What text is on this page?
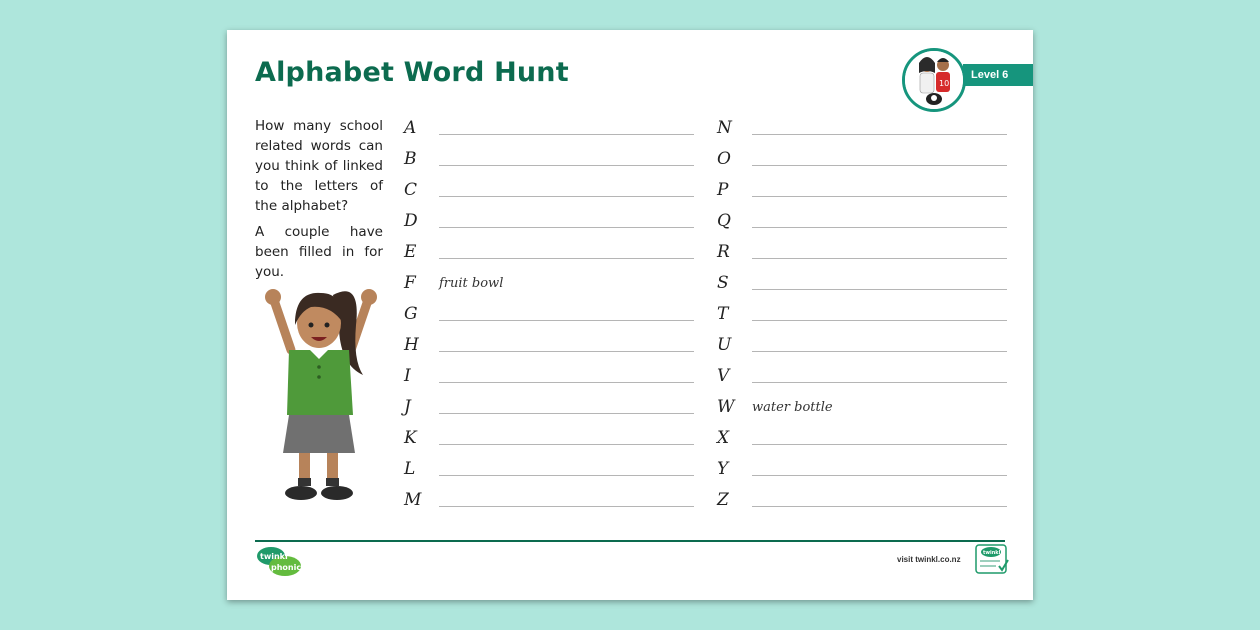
Alphabet Word Hunt	10
Level 6

How many school related words can you think of linked to the letters of the alphabet?

A couple have been filled in for you.

A
B
C
D
E
F	fruit bowl
G
H
I
J
K
L
M
N
O
P
Q
R
S
T
U
V
W	water bottle
X
Y
Z
twinkl
phonics
visit twinkl.co.nz
twinkl
